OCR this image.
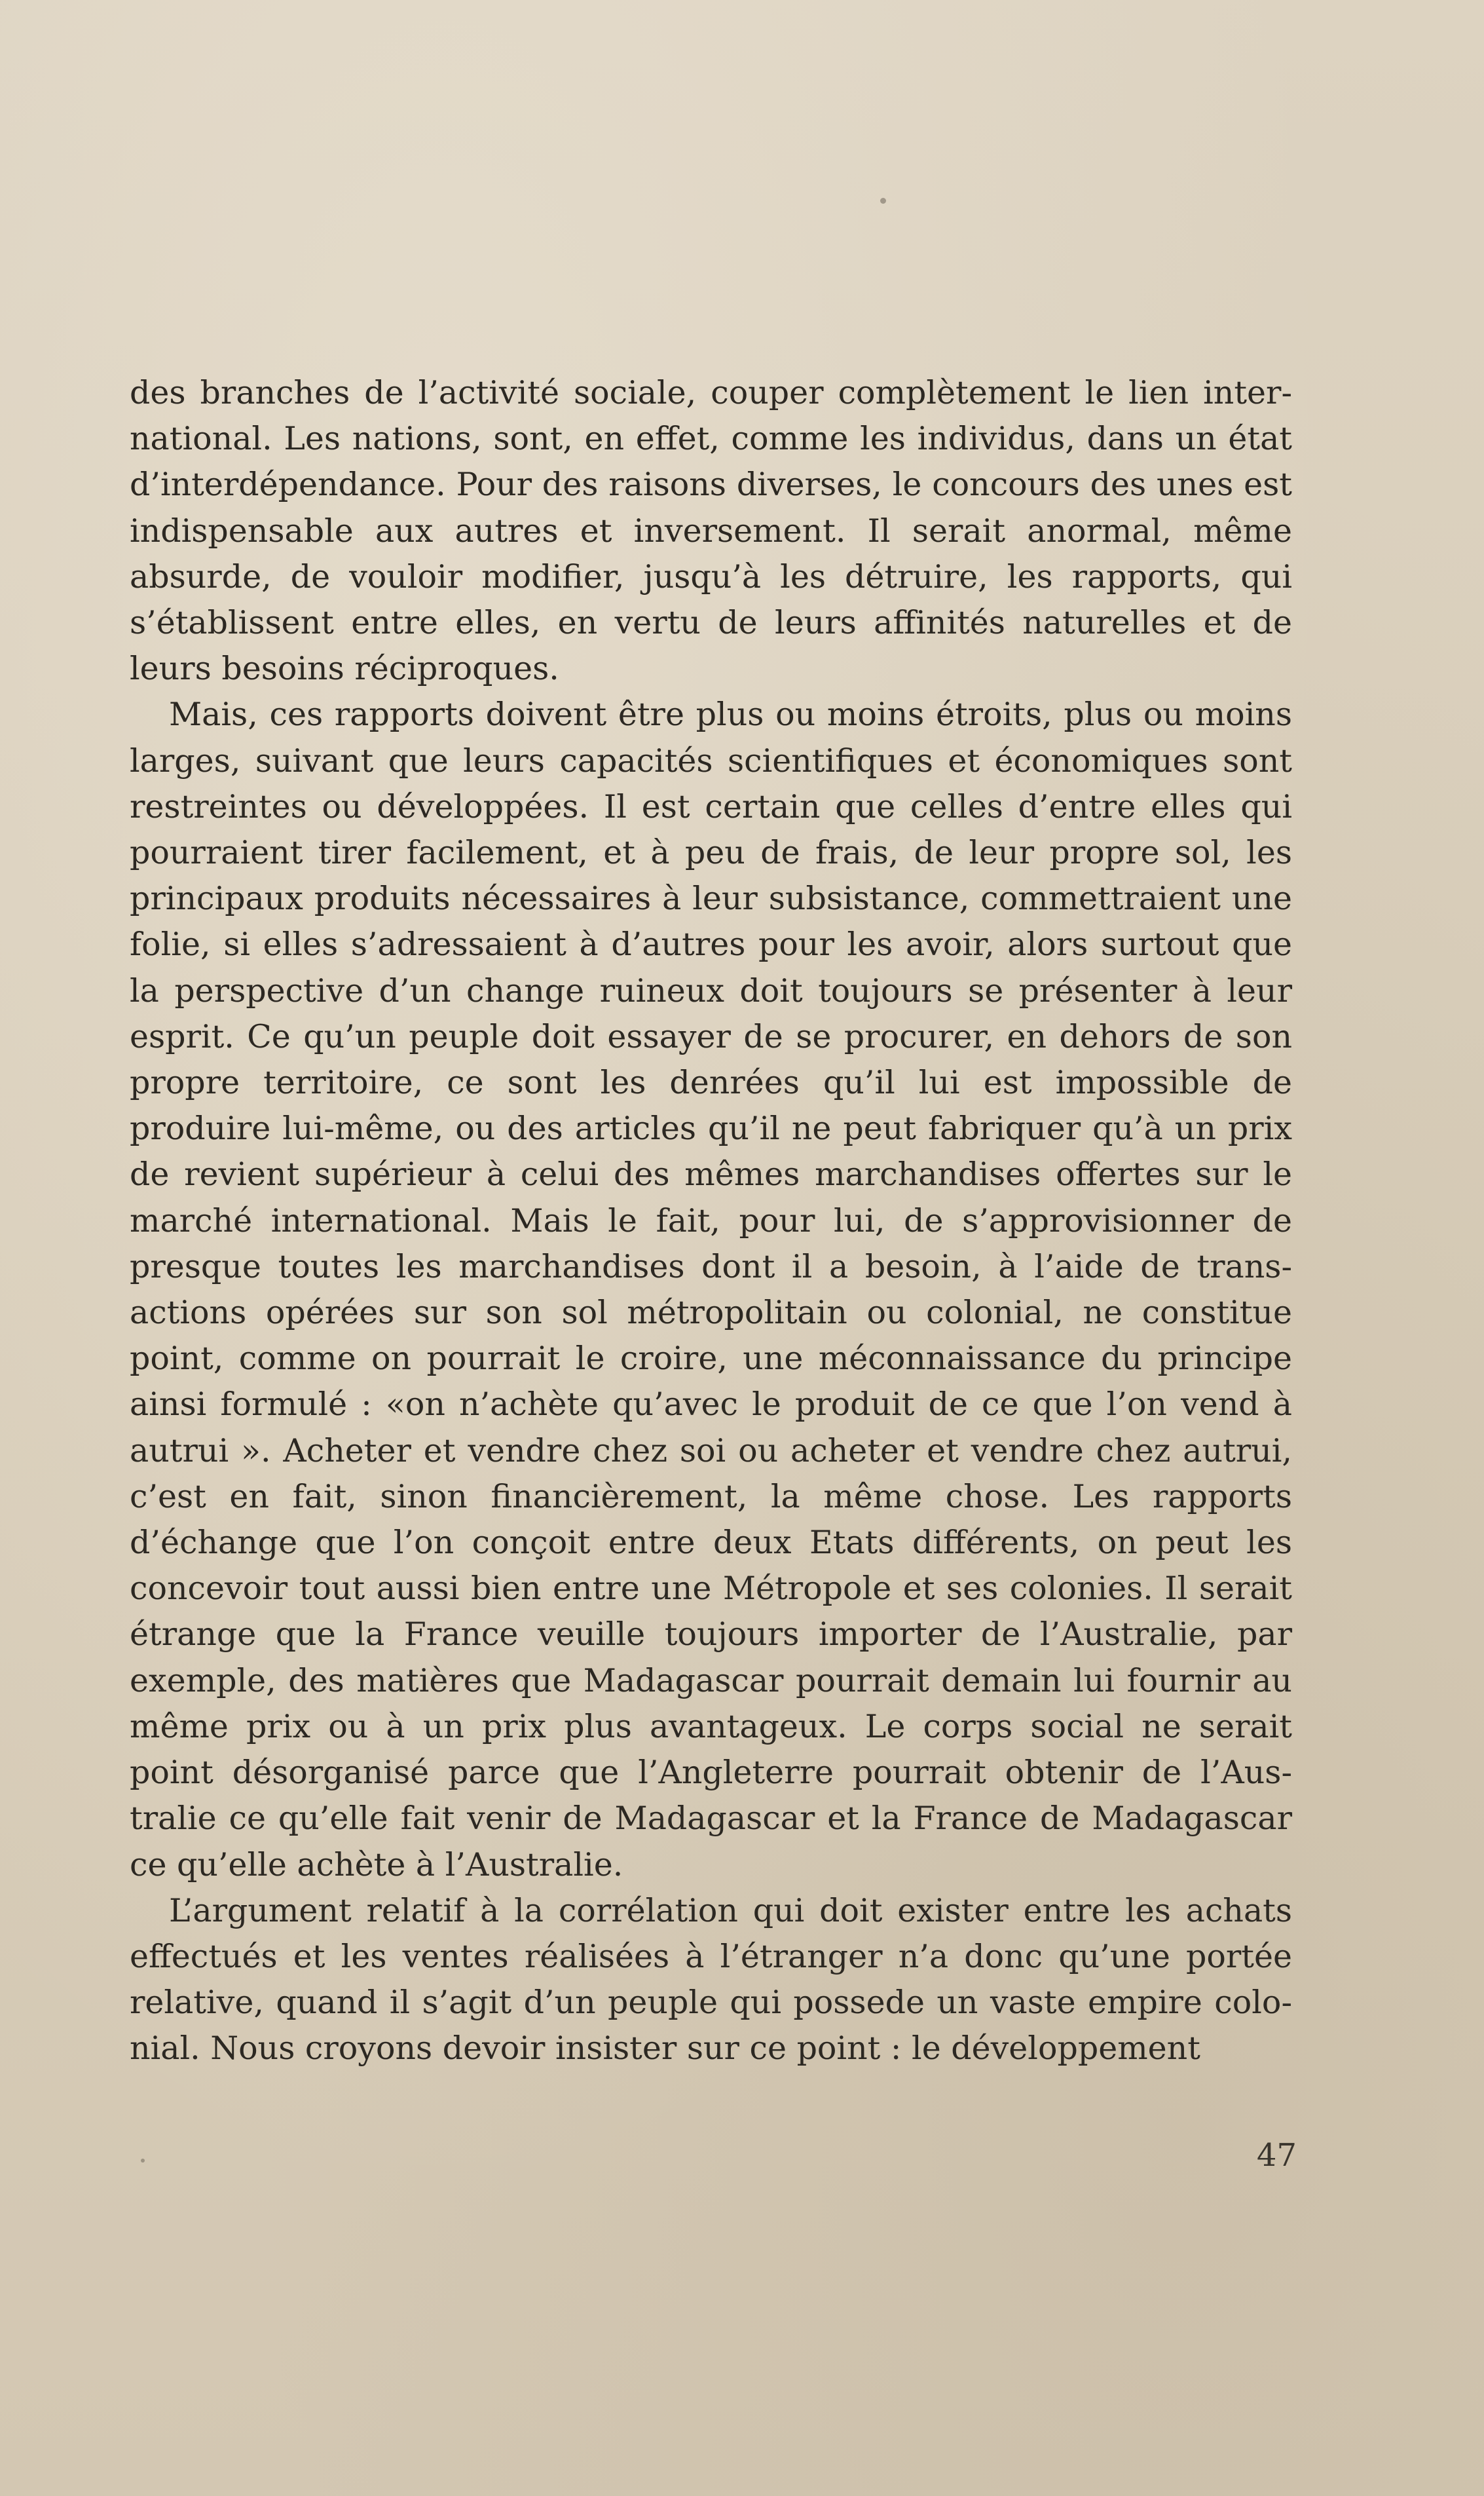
des branches de l’activité sociale, couper complètement le lien international. Les nations, sont, en effet, comme les individus, dans un état d’interdépendance. Pour des raisons diverses, le concours des unes est indispensable aux autres et inversement. Il serait anormal, même absurde, de vouloir modifier, jusqu’à les détruire, les rapports, qui s’établissent entre elles, en vertu de leurs affinités naturelles et de leurs besoins réciproques.

Mais, ces rapports doivent être plus ou moins étroits, plus ou moins larges, suivant que leurs capacités scientifiques et économiques sont restreintes ou développées. Il est certain que celles d’entre elles qui pourraient tirer facilement, et à peu de frais, de leur propre sol, les principaux produits nécessaires à leur subsistance, commettraient une folie, si elles s’adressaient à d’autres pour les avoir, alors surtout que la perspective d’un change ruineux doit toujours se présenter à leur esprit. Ce qu’un peuple doit essayer de se procurer, en dehors de son propre territoire, ce sont les denrées qu’il lui est impossible de produire lui-même, ou des articles qu’il ne peut fabriquer qu’à un prix de revient supérieur à celui des mêmes marchandises offertes sur le marché international. Mais le fait, pour lui, de s’approvisionner de presque toutes les marchandises dont il a besoin, à l’aide de transactions opérées sur son sol métropolitain ou colonial, ne constitue point, comme on pourrait le croire, une méconnaissance du principe ainsi formulé : «on n’achète qu’avec le produit de ce que l’on vend à autrui ». Acheter et vendre chez soi ou acheter et vendre chez autrui, c’est en fait, sinon financièrement, la même chose. Les rapports d’échange que l’on conçoit entre deux Etats différents, on peut les concevoir tout aussi bien entre une Métropole et ses colonies. Il serait étrange que la France veuille toujours importer de l’Australie, par exemple, des matières que Madagascar pourrait demain lui fournir au même prix ou à un prix plus avantageux. Le corps social ne serait point désorganisé parce que l’Angleterre pourrait obtenir de l’Australie ce qu’elle fait venir de Madagascar et la France de Madagascar ce qu’elle achète à l’Australie.

L’argument relatif à la corrélation qui doit exister entre les achats effectués et les ventes réalisées à l’étranger n’a donc qu’une portée relative, quand il s’agit d’un peuple qui possede un vaste empire colonial. Nous croyons devoir insister sur ce point : le développement

47
